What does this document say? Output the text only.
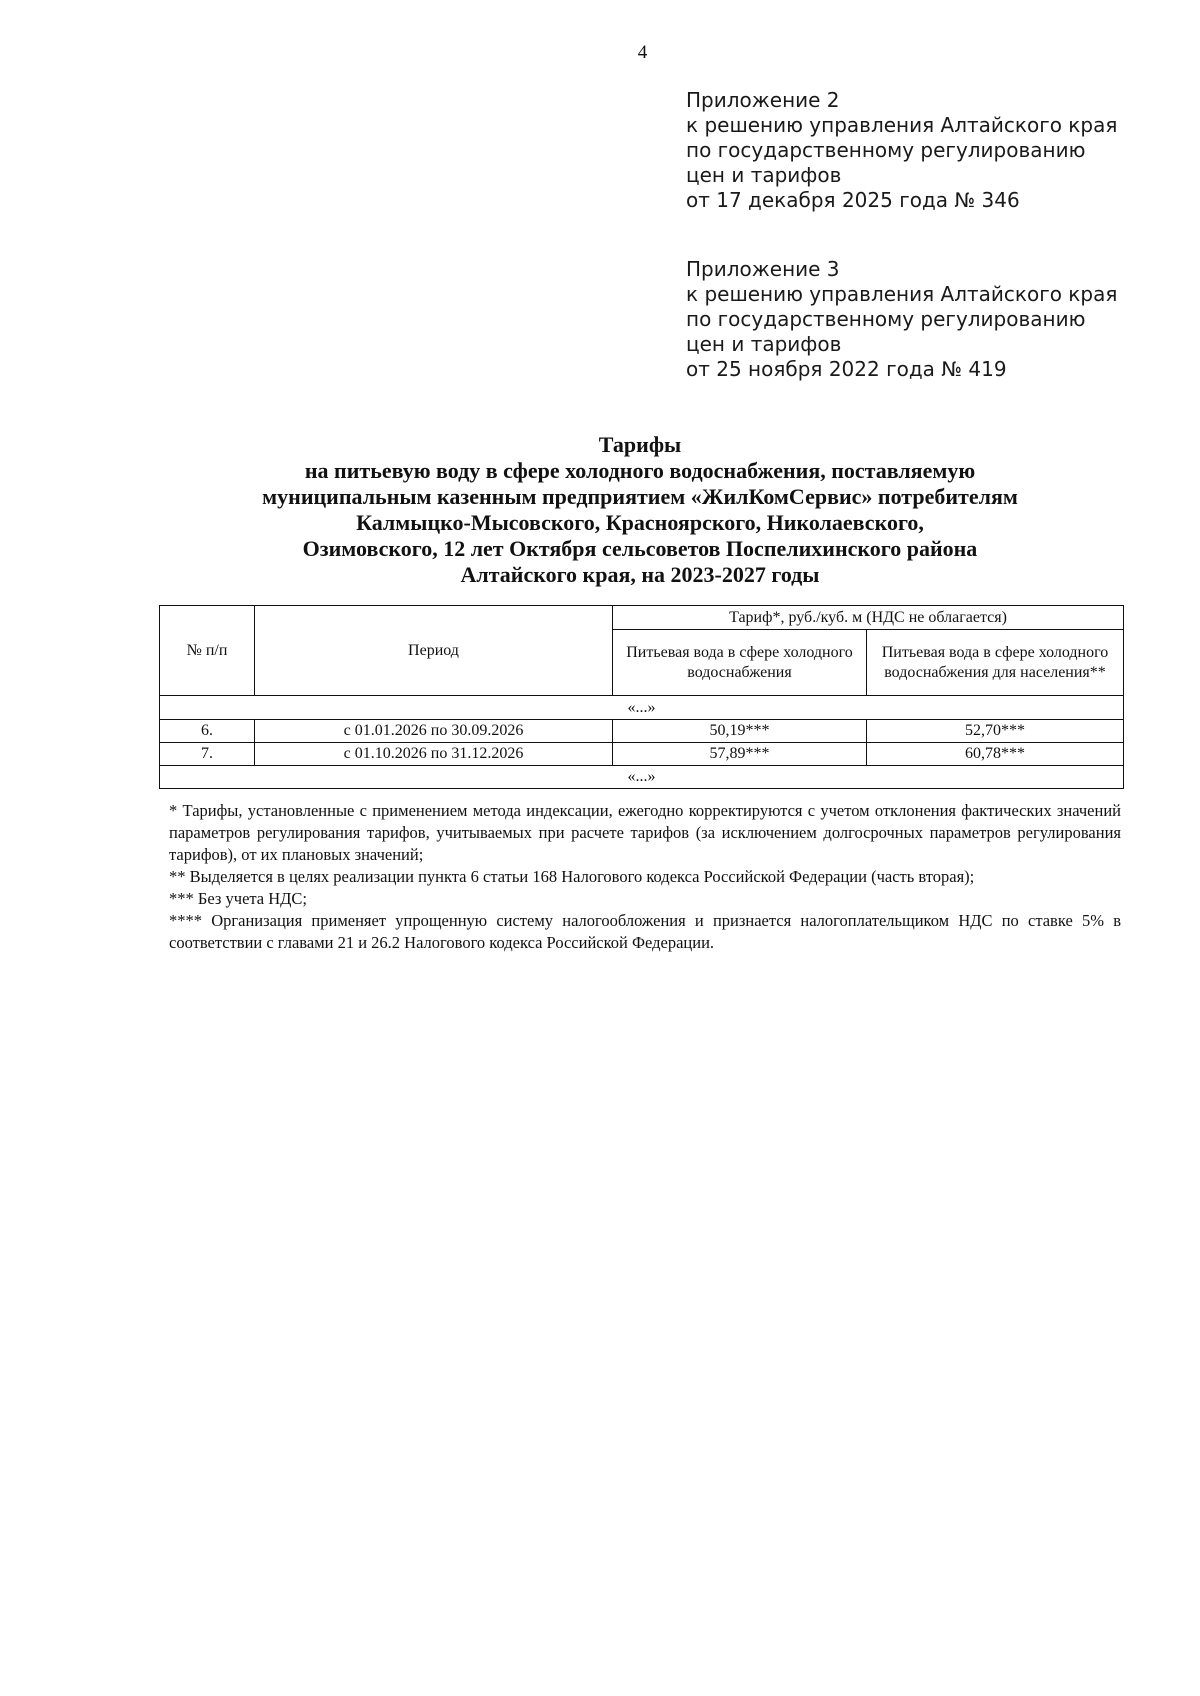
4
Приложение 2
к решению управления Алтайского края
по государственному регулированию
цен и тарифов
от 17 декабря 2025 года № 346
Приложение 3
к решению управления Алтайского края
по государственному регулированию
цен и тарифов
от 25 ноября 2022 года № 419
Тарифы
на питьевую воду в сфере холодного водоснабжения, поставляемую
муниципальным казенным предприятием «ЖилКомСервис» потребителям
Калмыцко-Мысовского, Красноярского, Николаевского,
Озимовского, 12 лет Октября сельсоветов Поспелихинского района
Алтайского края, на 2023-2027 годы
№ п/п	Период	Тариф*, руб./куб. м (НДС не облагается)	
		Питьевая вода в сфере холодного водоснабжения	Питьевая вода в сфере холодного водоснабжения для населения**
«...»			
6.	с 01.01.2026 по 30.09.2026	50,19***	52,70***
7.	с 01.10.2026 по 31.12.2026	57,89***	60,78***
«...»			

* Тарифы, установленные с применением метода индексации, ежегодно корректируются с учетом отклонения фактических значений параметров регулирования тарифов, учитываемых при расчете тарифов (за исключением долгосрочных параметров регулирования тарифов), от их плановых значений;

** Выделяется в целях реализации пункта 6 статьи 168 Налогового кодекса Российской Федерации (часть вторая);

*** Без учета НДС;

**** Организация применяет упрощенную систему налогообложения и признается налогоплательщиком НДС по ставке 5% в соответствии с главами 21 и 26.2 Налогового кодекса Российской Федерации.
